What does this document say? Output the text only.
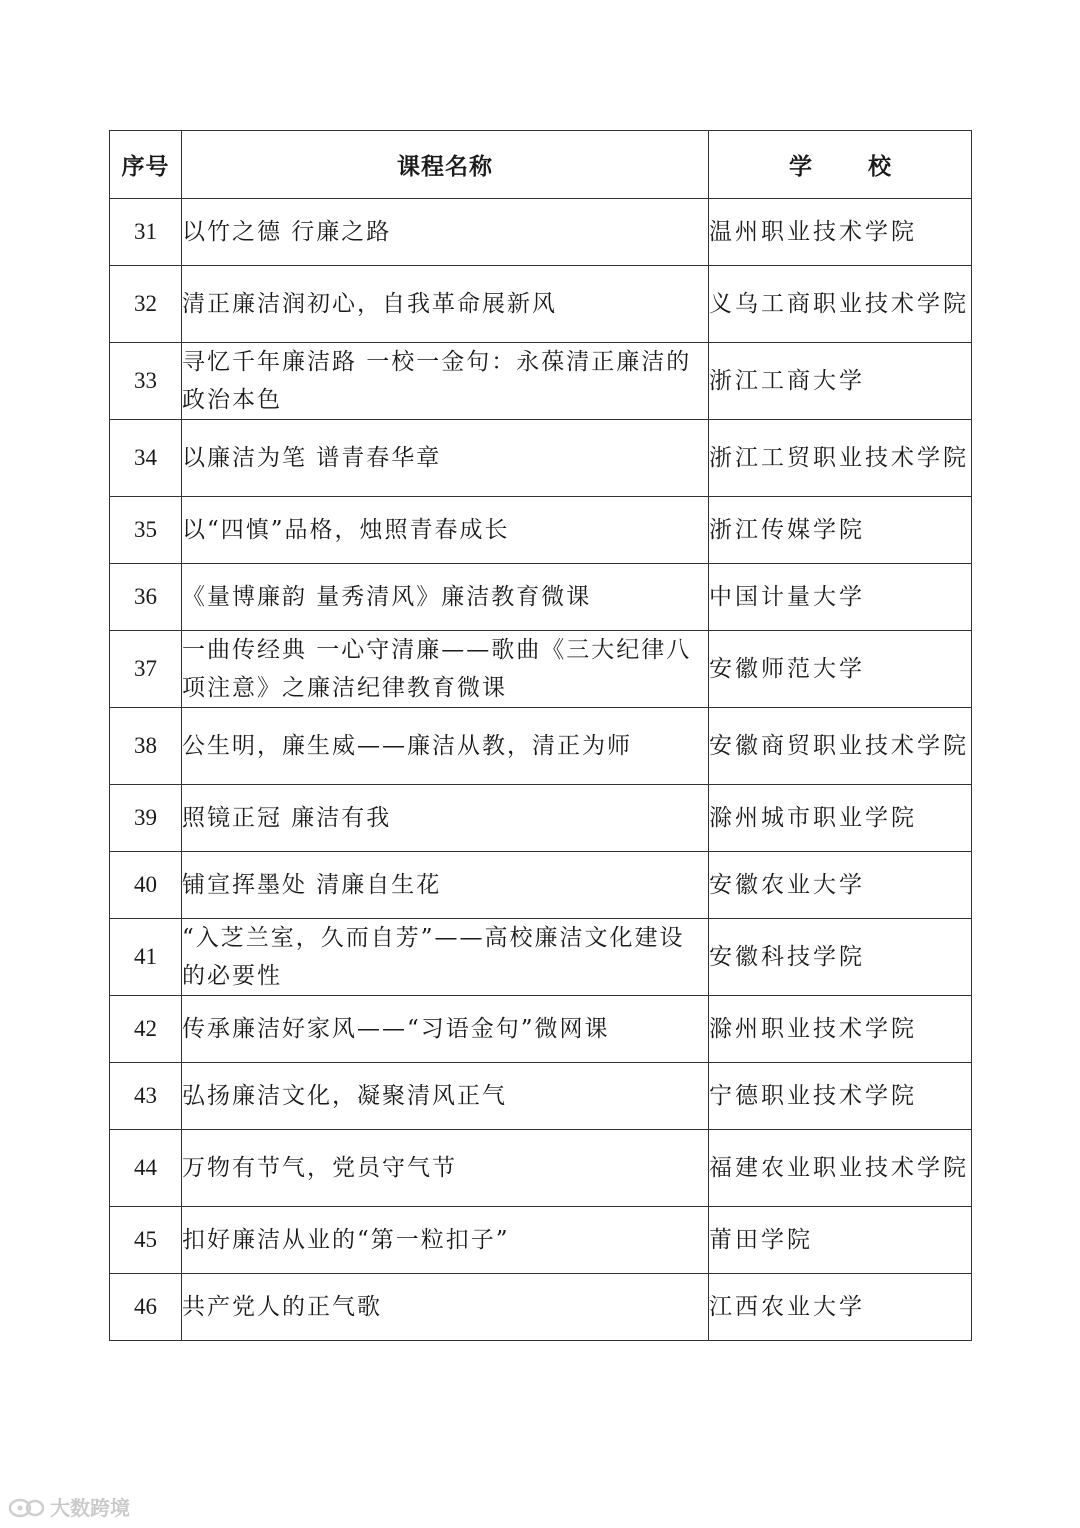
序号	课程名称	学 校
31	以竹之德 行廉之路	温州职业技术学院
32	清正廉洁润初心，自我革命展新风	义乌工商职业技术学院
33	寻忆千年廉洁路 一校一金句：永葆清正廉洁的政治本色	浙江工商大学
34	以廉洁为笔 谱青春华章	浙江工贸职业技术学院
35	以“四慎”品格，烛照青春成长	浙江传媒学院
36	《量博廉韵 量秀清风》廉洁教育微课	中国计量大学
37	一曲传经典 一心守清廉——歌曲《三大纪律八项注意》之廉洁纪律教育微课	安徽师范大学
38	公生明，廉生威——廉洁从教，清正为师	安徽商贸职业技术学院
39	照镜正冠 廉洁有我	滁州城市职业学院
40	铺宣挥墨处 清廉自生花	安徽农业大学
41	“入芝兰室，久而自芳”——高校廉洁文化建设的必要性	安徽科技学院
42	传承廉洁好家风——“习语金句”微网课	滁州职业技术学院
43	弘扬廉洁文化，凝聚清风正气	宁德职业技术学院
44	万物有节气，党员守气节	福建农业职业技术学院
45	扣好廉洁从业的“第一粒扣子”	莆田学院
46	共产党人的正气歌	江西农业大学
大数跨境
